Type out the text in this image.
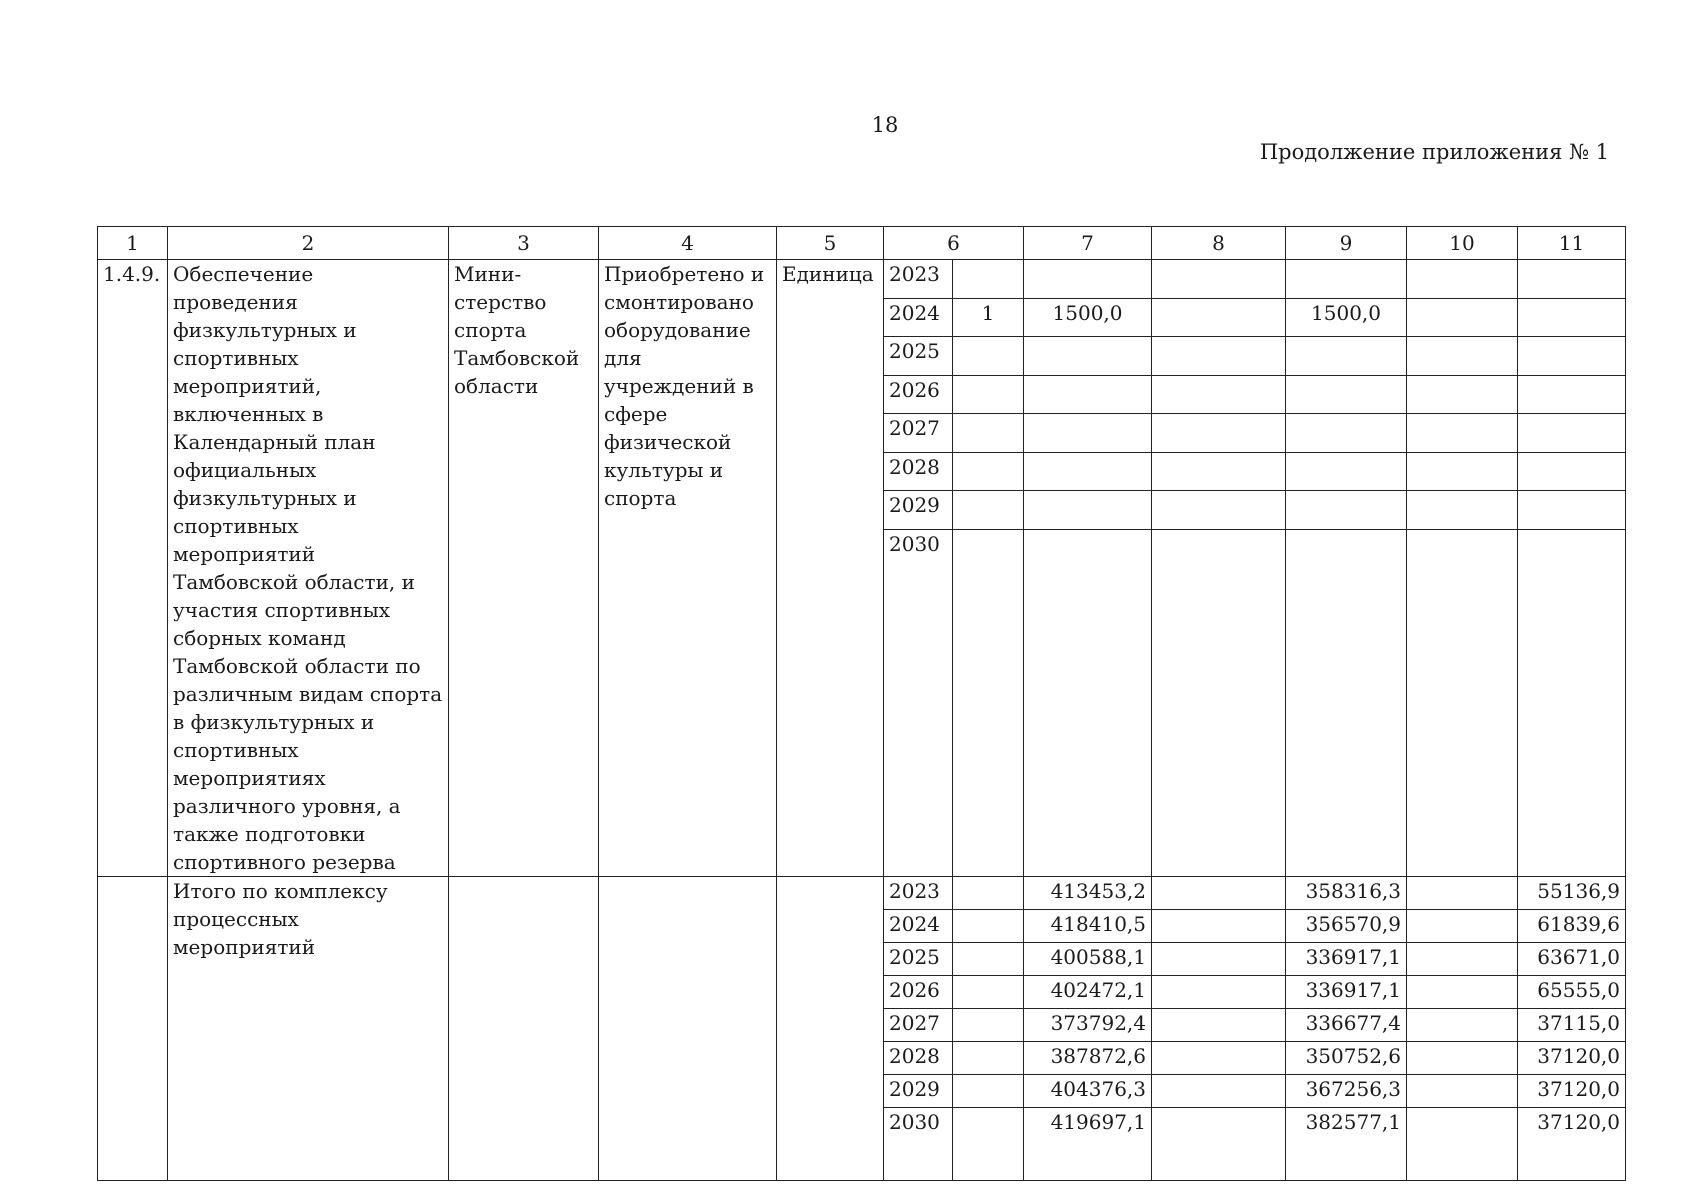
18
Продолжение приложения № 1
1	2	3	4	5	6		7	8	9	10	11
1.4.9.	Обеспечение проведения физкультурных и спортивных мероприятий, включенных в Календарный план официальных физкультурных и спортивных мероприятий Тамбовской области, и участия спортивных сборных команд Тамбовской области по различным видам спорта в физкультурных и спортивных мероприятиях различного уровня, а также подготовки спортивного резерва	Мини-стерство спорта Тамбовской области	Приобретено и смонтировано оборудование для учреждений в сфере физической культуры и спорта	Единица	2023						
					2024	1	1500,0		1500,0		
					2025						
					2026						
					2027						
					2028						
					2029						
					2030						
	Итого по комплексу процессных мероприятий				2023		413453,2		358316,3		55136,9
					2024		418410,5		356570,9		61839,6
					2025		400588,1		336917,1		63671,0
					2026		402472,1		336917,1		65555,0
					2027		373792,4		336677,4		37115,0
					2028		387872,6		350752,6		37120,0
					2029		404376,3		367256,3		37120,0
					2030		419697,1		382577,1		37120,0
